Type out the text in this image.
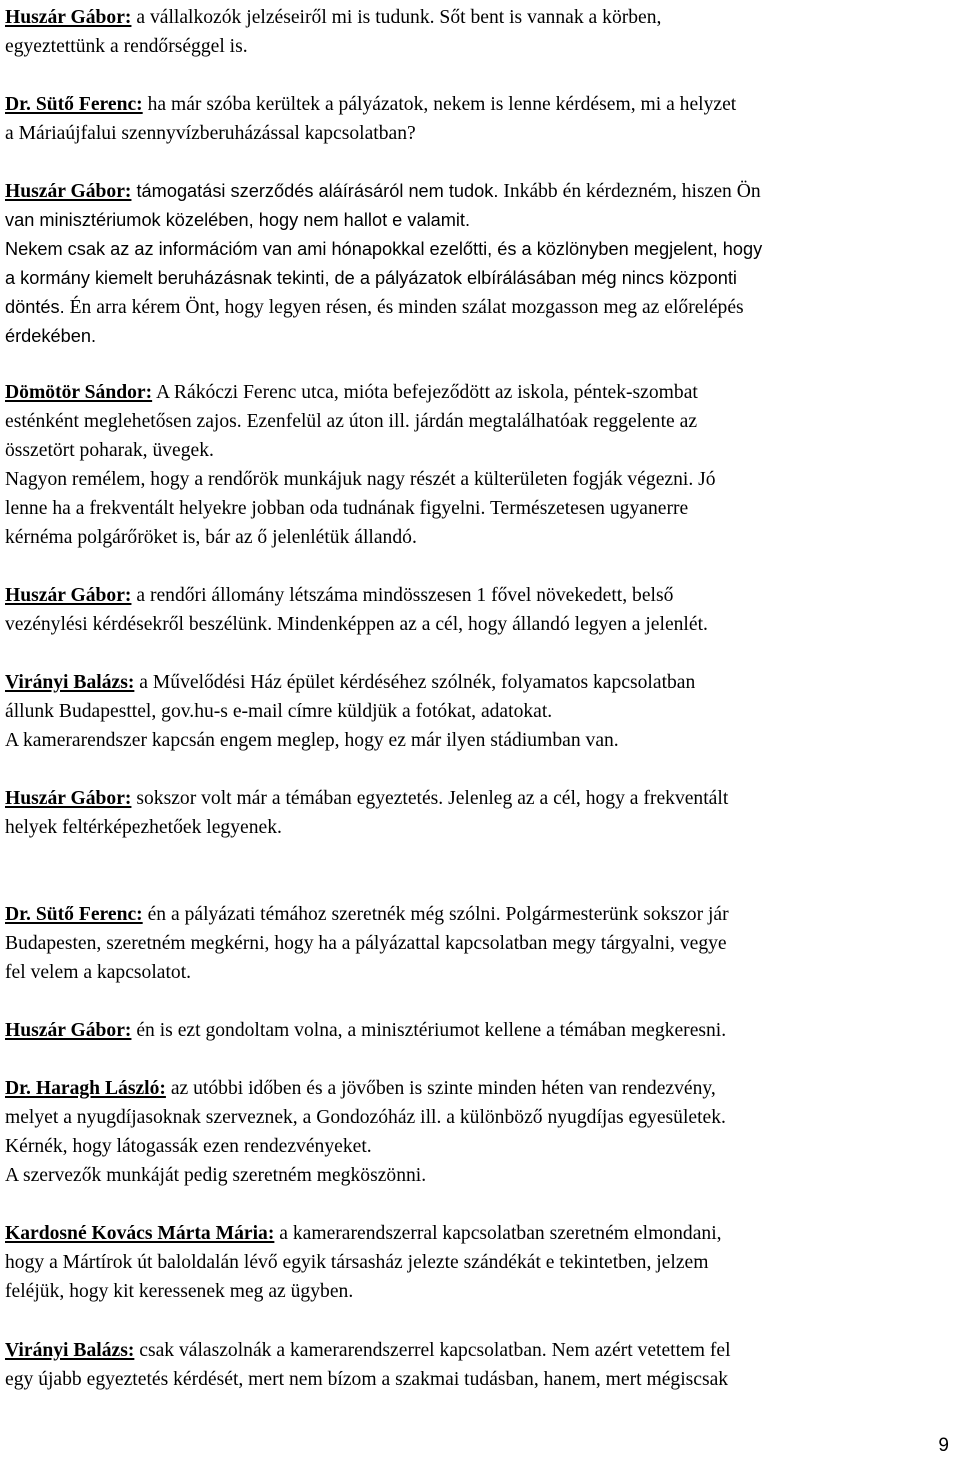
Huszár Gábor: a vállalkozók jelzéseiről mi is tudunk. Sőt bent is vannak a körben,
egyeztettünk a rendőrséggel is.
Dr. Sütő Ferenc: ha már szóba kerültek a pályázatok, nekem is lenne kérdésem, mi a helyzet
a Máriaújfalui szennyvízberuházással kapcsolatban?
Huszár Gábor: támogatási szerződés aláírásáról nem tudok. Inkább én kérdezném, hiszen Ön
van minisztériumok közelében, hogy nem hallot e valamit.
Nekem csak az az információm van ami hónapokkal ezelőtti, és a közlönyben megjelent, hogy
a kormány kiemelt beruházásnak tekinti, de a pályázatok elbírálásában még nincs központi
döntés. Én arra kérem Önt, hogy legyen résen, és minden szálat mozgasson meg az előrelépés
érdekében.
Dömötör Sándor: A Rákóczi Ferenc utca, mióta befejeződött az iskola, péntek-szombat
esténként meglehetősen zajos. Ezenfelül az úton ill. járdán megtalálhatóak reggelente az
összetört poharak, üvegek.
Nagyon remélem, hogy a rendőrök munkájuk nagy részét a külterületen fogják végezni. Jó
lenne ha a frekventált helyekre jobban oda tudnának figyelni. Természetesen ugyanerre
kérnéma polgárőröket is, bár az ő jelenlétük állandó.
Huszár Gábor: a rendőri állomány létszáma mindösszesen 1 fővel növekedett, belső
vezénylési kérdésekről beszélünk. Mindenképpen az a cél, hogy állandó legyen a jelenlét.
Virányi Balázs: a Művelődési Ház épület kérdéséhez szólnék, folyamatos kapcsolatban
állunk Budapesttel, gov.hu-s e-mail címre küldjük a fotókat, adatokat.
A kamerarendszer kapcsán engem meglep, hogy ez már ilyen stádiumban van.
Huszár Gábor: sokszor volt már a témában egyeztetés. Jelenleg az a cél, hogy a frekventált
helyek feltérképezhetőek legyenek.
Dr. Sütő Ferenc: én a pályázati témához szeretnék még szólni. Polgármesterünk sokszor jár
Budapesten, szeretném megkérni, hogy ha a pályázattal kapcsolatban megy tárgyalni, vegye
fel velem a kapcsolatot.
Huszár Gábor: én is ezt gondoltam volna, a minisztériumot kellene a témában megkeresni.
Dr. Haragh László: az utóbbi időben és a jövőben is szinte minden héten van rendezvény,
melyet a nyugdíjasoknak szerveznek, a Gondozóház ill. a különböző nyugdíjas egyesületek.
Kérnék, hogy látogassák ezen rendezvényeket.
A szervezők munkáját pedig szeretném megköszönni.
Kardosné Kovács Márta Mária: a kamerarendszerral kapcsolatban szeretném elmondani,
hogy a Mártírok út baloldalán lévő egyik társasház jelezte szándékát e tekintetben, jelzem
feléjük, hogy kit keressenek meg az ügyben.
Virányi Balázs: csak válaszolnák a kamerarendszerrel kapcsolatban. Nem azért vetettem fel
egy újabb egyeztetés kérdését, mert nem bízom a szakmai tudásban, hanem, mert mégiscsak
9
